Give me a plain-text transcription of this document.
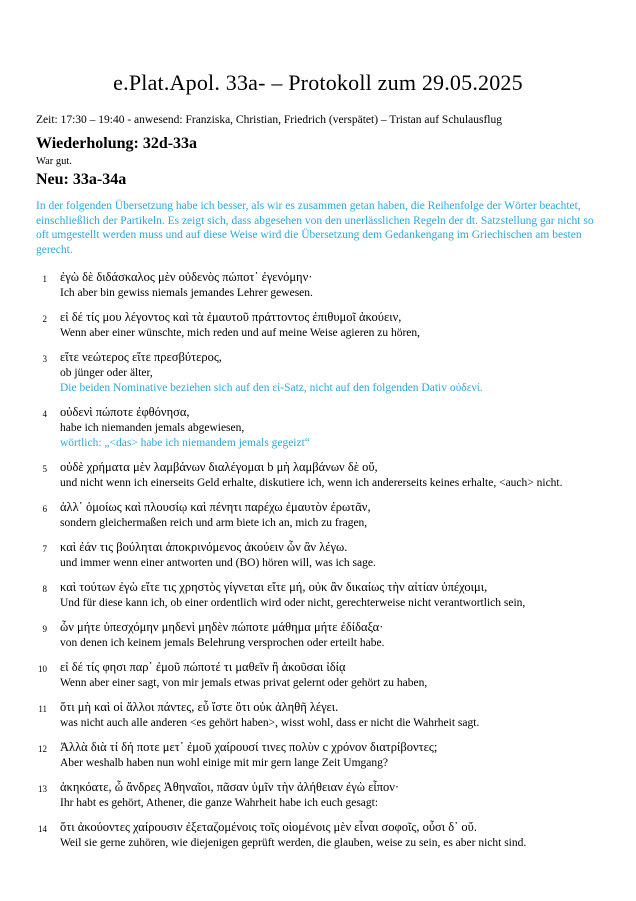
e.Plat.Apol. 33a- – Protokoll zum 29.05.2025

Zeit: 17:30 – 19:40 - anwesend: Franziska, Christian, Friedrich (verspätet) – Tristan auf Schulausflug

Wiederholung: 32d-33a

War gut.

Neu: 33a-34a

In der folgenden Übersetzung habe ich besser, als wir es zusammen getan haben, die Reihenfolge der Wörter beachtet, einschließlich der Partikeln. Es zeigt sich, dass abgesehen von den unerlässlichen Regeln der dt. Satzstellung gar nicht so oft umgestellt werden muss und auf diese Weise wird die Übersetzung dem Gedankengang im Griechischen am besten gerecht.

1	ἐγὼ δὲ διδάσκαλος μὲν οὐδενὸς πώποτ᾽ ἐγενόμην·
Ich aber bin gewiss niemals jemandes Lehrer gewesen.
2	εἰ δέ τίς μου λέγοντος καὶ τὰ ἐμαυτοῦ πράττοντος ἐπιθυμοῖ ἀκούειν,
Wenn aber einer wünschte, mich reden und auf meine Weise agieren zu hören,
3	εἴτε νεώτερος εἴτε πρεσβύτερος,
ob jünger oder älter,
Die beiden Nominative beziehen sich auf den εἰ-Satz, nicht auf den folgenden Dativ οὐδενί.
4	οὐδενὶ πώποτε ἐφθόνησα,
habe ich niemanden jemals abgewiesen,
wörtlich: „<das> habe ich niemandem jemals gegeizt“
5	οὐδὲ χρήματα μὲν λαμβάνων διαλέγομαι b μὴ λαμβάνων δὲ οὔ,
und nicht wenn ich einerseits Geld erhalte, diskutiere ich, wenn ich andererseits keines erhalte, <auch> nicht.
6	ἀλλ᾽ ὁμοίως καὶ πλουσίῳ καὶ πένητι παρέχω ἐμαυτὸν ἐρωτᾶν,
sondern gleichermaßen reich und arm biete ich an, mich zu fragen,
7	καὶ ἐάν τις βούληται ἀποκρινόμενος ἀκούειν ὧν ἂν λέγω.
und immer wenn einer antworten und (BO) hören will, was ich sage.
8	καὶ τούτων ἐγὼ εἴτε τις χρηστὸς γίγνεται εἴτε μή, οὐκ ἂν δικαίως τὴν αἰτίαν ὑπέχοιμι,
Und für diese kann ich, ob einer ordentlich wird oder nicht, gerechterweise nicht verantwortlich sein,
9	ὧν μήτε ὑπεσχόμην μηδενὶ μηδὲν πώποτε μάθημα μήτε ἐδίδαξα·
von denen ich keinem jemals Belehrung versprochen oder erteilt habe.
10	εἰ δέ τίς φησι παρ᾽ ἐμοῦ πώποτέ τι μαθεῖν ἢ ἀκοῦσαι ἰδίᾳ
Wenn aber einer sagt, von mir jemals etwas privat gelernt oder gehört zu haben,
11	ὅτι μὴ καὶ οἱ ἄλλοι πάντες, εὖ ἴστε ὅτι οὐκ ἀληθῆ λέγει.
was nicht auch alle anderen <es gehört haben>, wisst wohl, dass er nicht die Wahrheit sagt.
12	Ἀλλὰ διὰ τί δή ποτε μετ᾽ ἐμοῦ χαίρουσί τινες πολὺν c χρόνον διατρίβοντες;
Aber weshalb haben nun wohl einige mit mir gern lange Zeit Umgang?
13	ἀκηκόατε, ὦ ἄνδρες Ἀθηναῖοι, πᾶσαν ὑμῖν τὴν ἀλήθειαν ἐγὼ εἶπον·
Ihr habt es gehört, Athener, die ganze Wahrheit habe ich euch gesagt:
14	ὅτι ἀκούοντες χαίρουσιν ἐξεταζομένοις τοῖς οἰομένοις μὲν εἶναι σοφοῖς, οὖσι δ᾽ οὔ.
Weil sie gerne zuhören, wie diejenigen geprüft werden, die glauben, weise zu sein, es aber nicht sind.
